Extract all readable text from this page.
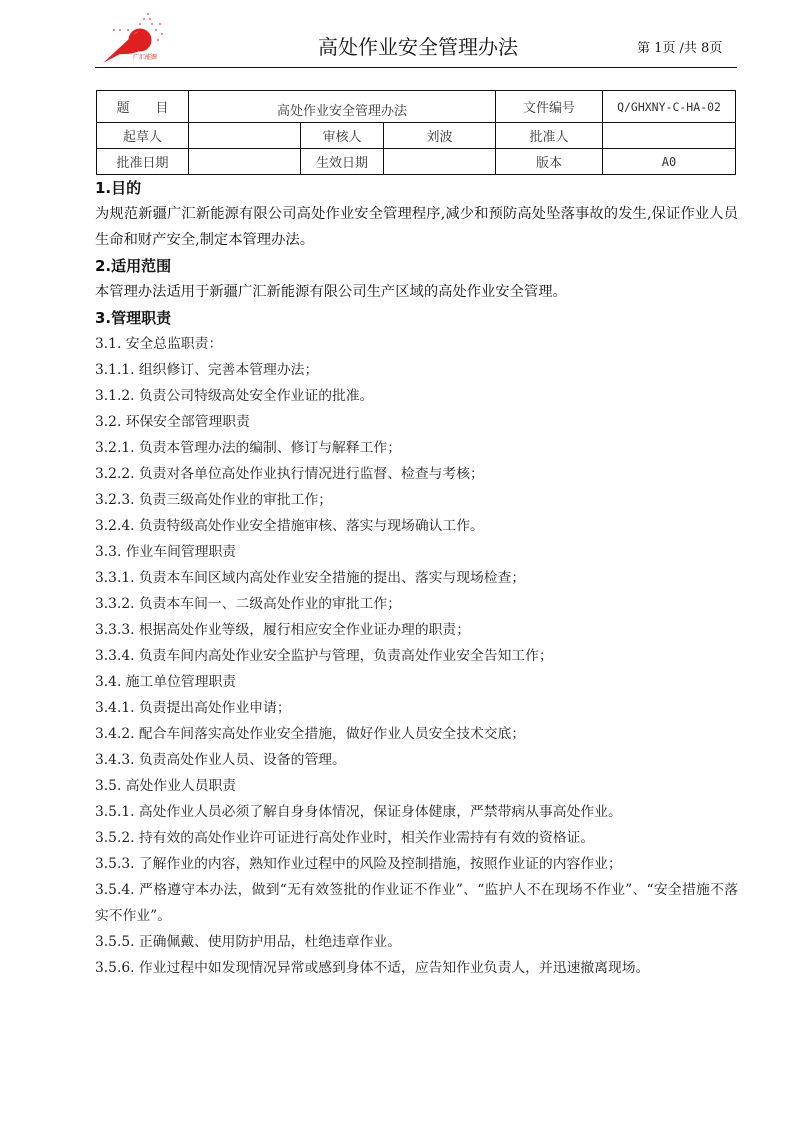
广汇能源	高处作业安全管理办法	第 1页 /共 8页
题　　目	高处作业安全管理办法			文件编号	Q/GHXNY-C-HA-02
起草人		审核人	刘波	批准人	
批准日期		生效日期		版本	A0
1.目的

为规范新疆广汇新能源有限公司高处作业安全管理程序,减少和预防高处坠落事故的发生,保证作业人员生命和财产安全,制定本管理办法。

2.适用范围

本管理办法适用于新疆广汇新能源有限公司生产区域的高处作业安全管理。

3.管理职责

3.1. 安全总监职责：

3.1.1. 组织修订、完善本管理办法；

3.1.2. 负责公司特级高处安全作业证的批准。

3.2. 环保安全部管理职责

3.2.1. 负责本管理办法的编制、修订与解释工作；

3.2.2. 负责对各单位高处作业执行情况进行监督、检查与考核；

3.2.3. 负责三级高处作业的审批工作；

3.2.4. 负责特级高处作业安全措施审核、落实与现场确认工作。

3.3. 作业车间管理职责

3.3.1. 负责本车间区域内高处作业安全措施的提出、落实与现场检查；

3.3.2. 负责本车间一、二级高处作业的审批工作；

3.3.3. 根据高处作业等级，履行相应安全作业证办理的职责；

3.3.4. 负责车间内高处作业安全监护与管理，负责高处作业安全告知工作；

3.4. 施工单位管理职责

3.4.1. 负责提出高处作业申请；

3.4.2. 配合车间落实高处作业安全措施，做好作业人员安全技术交底；

3.4.3. 负责高处作业人员、设备的管理。

3.5. 高处作业人员职责

3.5.1. 高处作业人员必须了解自身身体情况，保证身体健康，严禁带病从事高处作业。

3.5.2. 持有效的高处作业许可证进行高处作业时，相关作业需持有有效的资格证。

3.5.3. 了解作业的内容，熟知作业过程中的风险及控制措施，按照作业证的内容作业；

3.5.4. 严格遵守本办法，做到“无有效签批的作业证不作业”、“监护人不在现场不作业”、“安全措施不落实不作业”。

3.5.5. 正确佩戴、使用防护用品，杜绝违章作业。

3.5.6. 作业过程中如发现情况异常或感到身体不适，应告知作业负责人，并迅速撤离现场。
